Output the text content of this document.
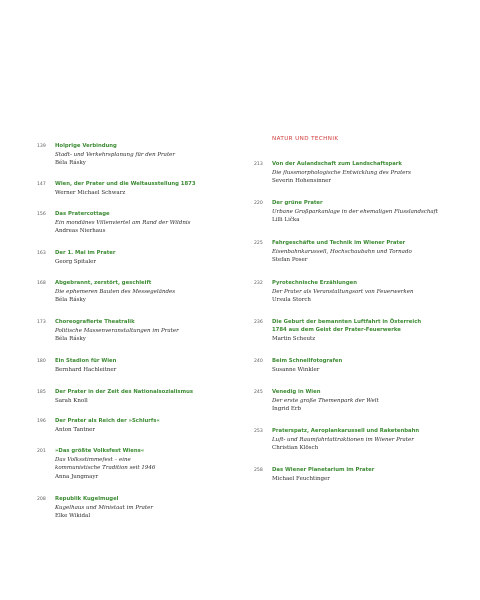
139 Holprige Verbindung
Stadt- und Verkehrsplanung für den Prater
Béla Rásky
147 Wien, der Prater und die Weltausstellung 1873
Werner Michael Schwarz
156 Das Pratercottage
Ein mondänes Villenviertel am Rand der Wildnis
Andreas Nierhaus
163 Der 1. Mai im Prater
Georg Spitaler
168 Abgebrannt, zerstört, geschleift
Die ephemeren Bauten des Messegeländes
Béla Rásky
173 Choreografierte Theatralik
Politische Massenveranstaltungen im Prater
Béla Rásky
180 Ein Stadion für Wien
Bernhard Hachleitner
185 Der Prater in der Zeit des Nationalsozialismus
Sarah Knoll
196 Der Prater als Reich der »Schlurfs«
Anton Tantner
201 »Das größte Volksfest Wiens«
Das Volksstimmefest – eine
kommunistische Tradition seit 1946
Anna Jungmayr
208 Republik Kugelmugel
Kugelhaus und Ministaat im Prater
Elke Wikidal
NATUR UND TECHNIK
213 Von der Aulandschaft zum Landschaftspark
Die flussmorphologische Entwicklung des Praters
Severin Hohensinner
220 Der grüne Prater
Urbane Großparkanlage in der ehemaligen Flusslandschaft
Lilli Lička
225 Fahrgeschäfte und Technik im Wiener Prater
Eisenbahnkarussell, Hochschaubahn und Tornado
Stefan Poser
232 Pyrotechnische Erzählungen
Der Prater als Veranstaltungsort von Feuerwerken
Ursula Storch
236 Die Geburt der bemannten Luftfahrt in Österreich
1784 aus dem Geist der Prater-Feuerwerke
Martin Scheutz
240 Beim Schnellfotografen
Susanne Winkler
245 Venedig in Wien
Der erste große Themenpark der Welt
Ingrid Erb
253 Praterspatz, Aeroplankarussell und Raketenbahn
Luft- und Raumfahrtattraktionen im Wiener Prater
Christian Klösch
258 Das Wiener Planetarium im Prater
Michael Feuchtinger
